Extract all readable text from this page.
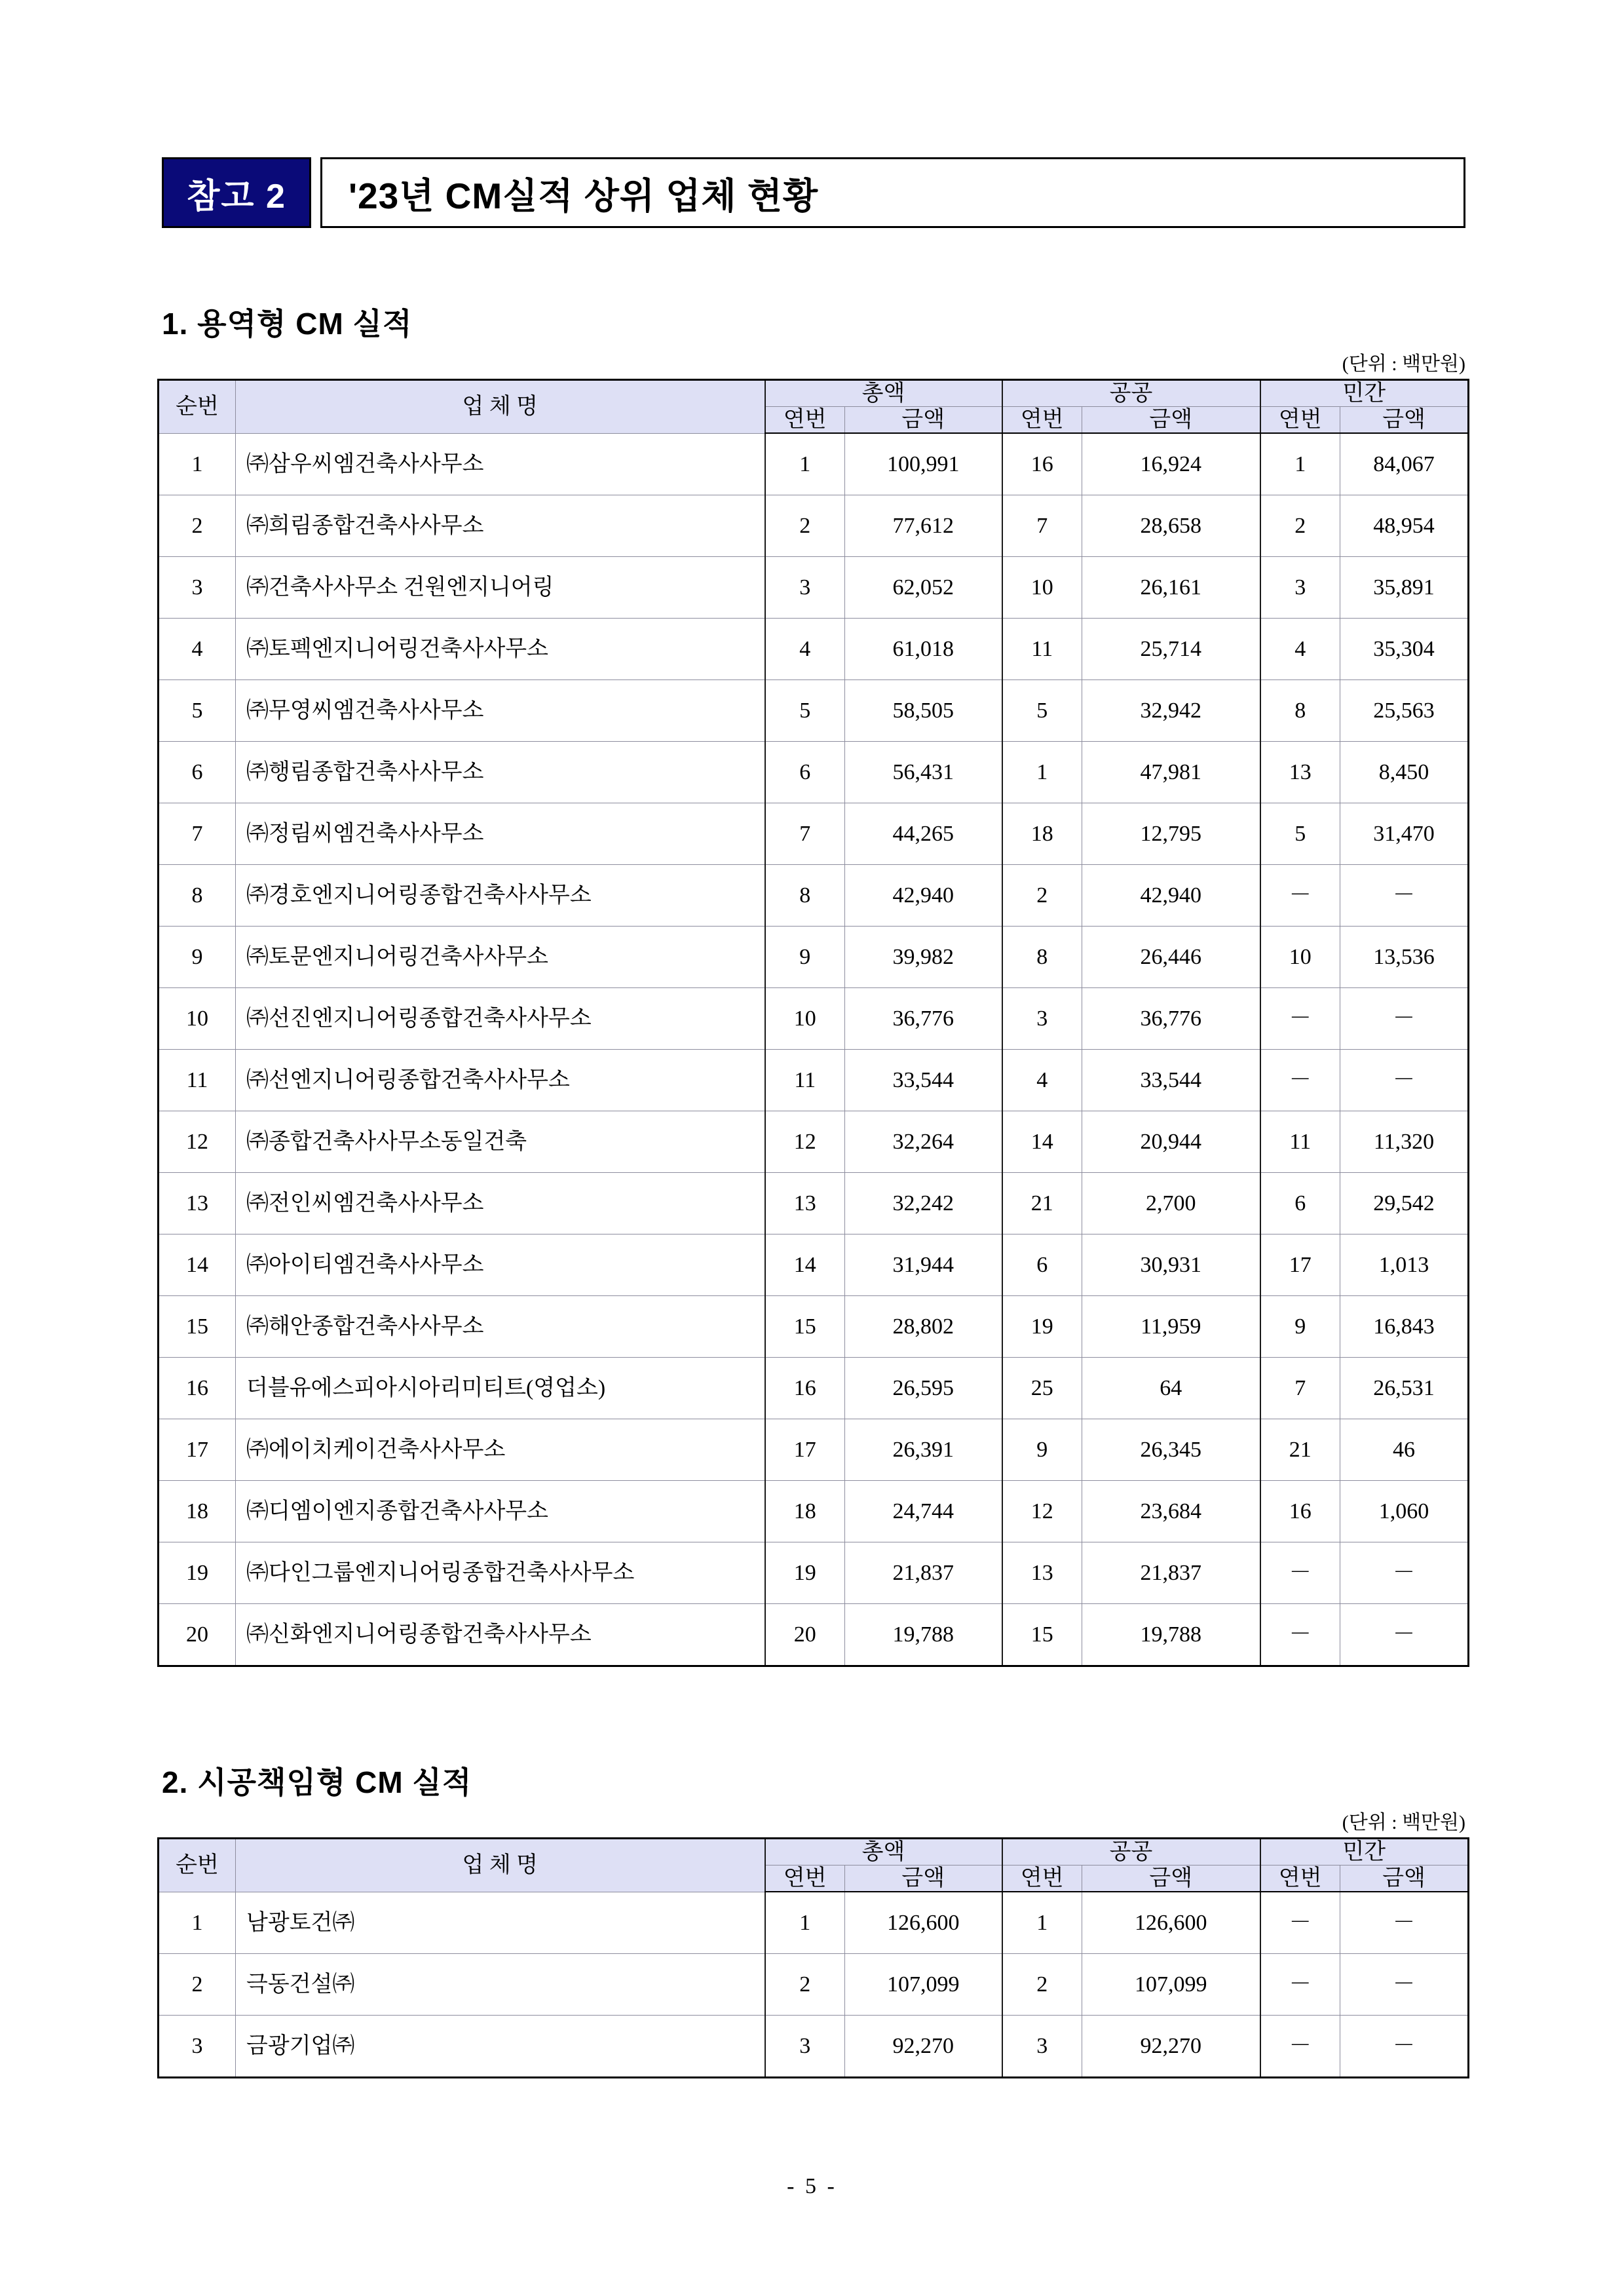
참고 2	'23년 CM실적 상위 업체 현황
1. 용역형 CM 실적
(단위 : 백만원)
순번	업 체 명	총액		공공		민간	
		연번	금액	연번	금액	연번	금액
1	㈜삼우씨엠건축사사무소	1	100,991	16	16,924	1	84,067
2	㈜희림종합건축사사무소	2	77,612	7	28,658	2	48,954
3	㈜건축사사무소 건원엔지니어링	3	62,052	10	26,161	3	35,891
4	㈜토펙엔지니어링건축사사무소	4	61,018	11	25,714	4	35,304
5	㈜무영씨엠건축사사무소	5	58,505	5	32,942	8	25,563
6	㈜행림종합건축사사무소	6	56,431	1	47,981	13	8,450
7	㈜정림씨엠건축사사무소	7	44,265	18	12,795	5	31,470
8	㈜경호엔지니어링종합건축사사무소	8	42,940	2	42,940	－	－
9	㈜토문엔지니어링건축사사무소	9	39,982	8	26,446	10	13,536
10	㈜선진엔지니어링종합건축사사무소	10	36,776	3	36,776	－	－
11	㈜선엔지니어링종합건축사사무소	11	33,544	4	33,544	－	－
12	㈜종합건축사사무소동일건축	12	32,264	14	20,944	11	11,320
13	㈜전인씨엠건축사사무소	13	32,242	21	2,700	6	29,542
14	㈜아이티엠건축사사무소	14	31,944	6	30,931	17	1,013
15	㈜해안종합건축사사무소	15	28,802	19	11,959	9	16,843
16	더블유에스피아시아리미티트(영업소)	16	26,595	25	64	7	26,531
17	㈜에이치케이건축사사무소	17	26,391	9	26,345	21	46
18	㈜디엠이엔지종합건축사사무소	18	24,744	12	23,684	16	1,060
19	㈜다인그룹엔지니어링종합건축사사무소	19	21,837	13	21,837	－	－
20	㈜신화엔지니어링종합건축사사무소	20	19,788	15	19,788	－	－
2. 시공책임형 CM 실적
(단위 : 백만원)
순번	업 체 명	총액		공공		민간	
		연번	금액	연번	금액	연번	금액
1	남광토건㈜	1	126,600	1	126,600	－	－
2	극동건설㈜	2	107,099	2	107,099	－	－
3	금광기업㈜	3	92,270	3	92,270	－	－
- 5 -
